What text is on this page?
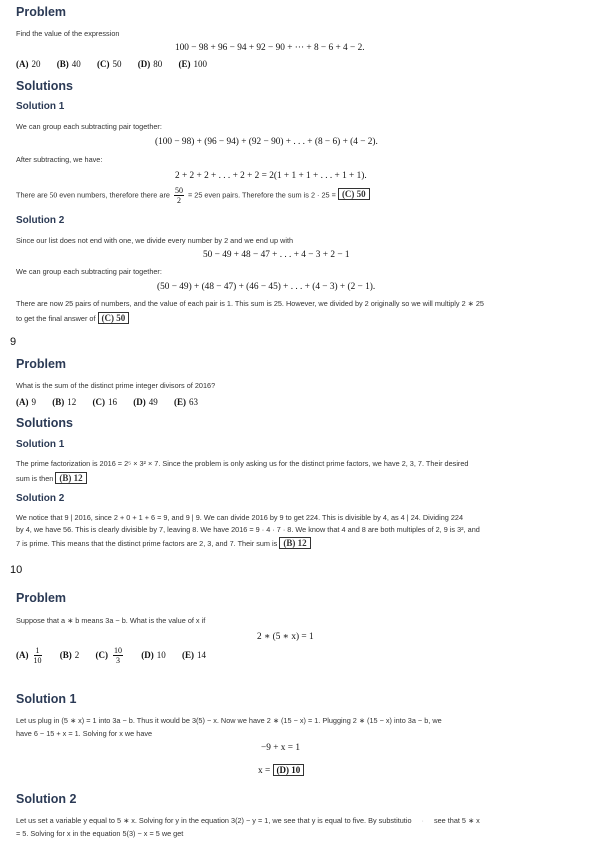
Problem
Find the value of the expression
100 − 98 + 96 − 94 + 92 − 90 + ··· + 8 − 6 + 4 − 2.
(A) 20 (B) 40 (C) 50 (D) 80 (E) 100
Solutions
Solution 1
We can group each subtracting pair together:
(100 − 98) + (96 − 94) + (92 − 90) + . . . + (8 − 6) + (4 − 2).
After subtracting, we have:
2 + 2 + 2 + . . . + 2 + 2 = 2(1 + 1 + 1 + . . . + 1 + 1).
There are 50 even numbers, therefore there are $\frac{50}{2} = 25$ even pairs. Therefore the sum is 2 · 25 = (C) 50
Solution 2
Since our list does not end with one, we divide every number by 2 and we end up with
50 − 49 + 48 − 47 + . . . + 4 − 3 + 2 − 1
We can group each subtracting pair together:
(50 − 49) + (48 − 47) + (46 − 45) + . . . + (4 − 3) + (2 − 1).
There are now 25 pairs of numbers, and the value of each pair is 1. This sum is 25. However, we divided by 2 originally so we will multiply 2 ∗ 25
to get the final answer of (C) 50
9
Problem
What is the sum of the distinct prime integer divisors of 2016?
(A) 9 (B) 12 (C) 16 (D) 49 (E) 63
Solutions
Solution 1
The prime factorization is 2016 = 2⁵ × 3² × 7. Since the problem is only asking us for the distinct prime factors, we have 2, 3, 7. Their desired
sum is then (B) 12
Solution 2
We notice that 9 | 2016, since 2 + 0 + 1 + 6 = 9, and 9 | 9. We can divide 2016 by 9 to get 224. This is divisible by 4, as 4 | 24. Dividing 224
by 4, we have 56. This is clearly divisible by 7, leaving 8. We have 2016 = 9 · 4 · 7 · 8. We know that 4 and 8 are both multiples of 2, 9 is 3², and
7 is prime. This means that the distinct prime factors are 2, 3, and 7. Their sum is (B) 12
10
Problem
Suppose that a ∗ b means 3a − b. What is the value of x if
2 ∗ (5 ∗ x) = 1
$(A) \frac{1}{10} (B)$ 2 $(C) \frac{10}{3} (D)$ 10 (E) 14
Solution 1
Let us plug in (5 ∗ x) = 1 into 3a − b. Thus it would be 3(5) − x. Now we have 2 ∗ (15 − x) = 1. Plugging 2 ∗ (15 − x) into 3a − b, we
have 6 − 15 + x = 1. Solving for x we have
−9 + x = 1
x = (D) 10
Solution 2
Let us set a variable y equal to 5 ∗ x. Solving for y in the equation 3(2) − y = 1, we see that y is equal to five. By substitutio · see that 5 ∗ x
= 5. Solving for x in the equation 5(3) − x = 5 we get
